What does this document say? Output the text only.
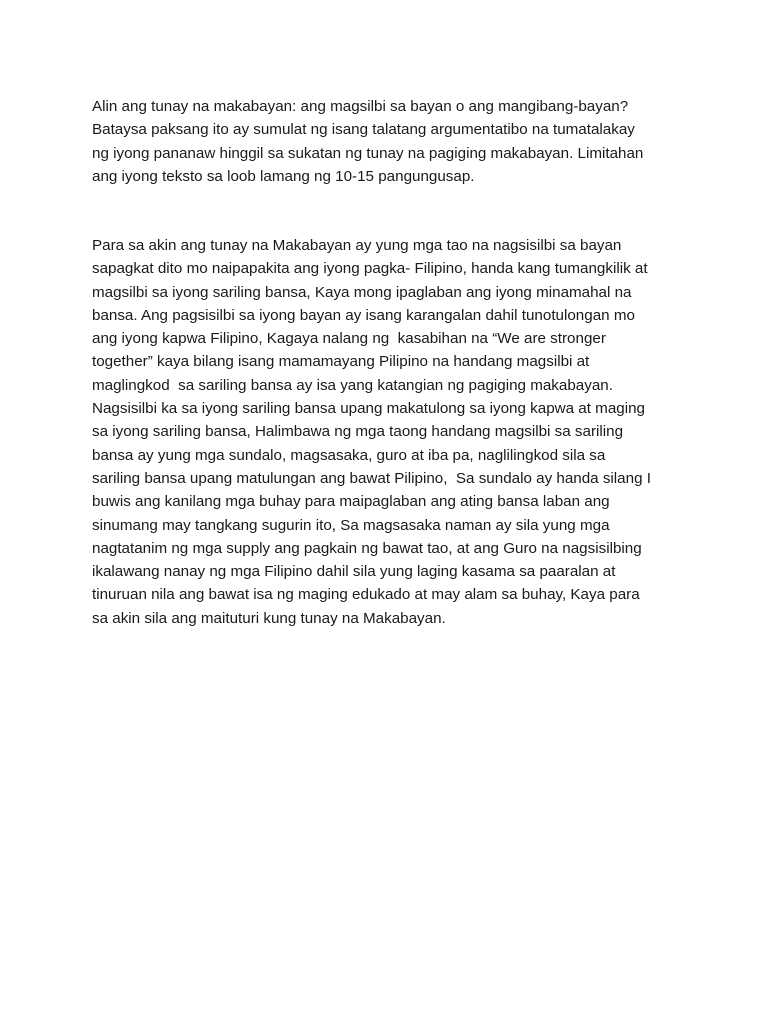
Alin ang tunay na makabayan: ang magsilbi sa bayan o ang mangibang-bayan?
Bataysa paksang ito ay sumulat ng isang talatang argumentatibo na tumatalakay
ng iyong pananaw hinggil sa sukatan ng tunay na pagiging makabayan. Limitahan
ang iyong teksto sa loob lamang ng 10-15 pangungusap.
Para sa akin ang tunay na Makabayan ay yung mga tao na nagsisilbi sa bayan
sapagkat dito mo naipapakita ang iyong pagka- Filipino, handa kang tumangkilik at
magsilbi sa iyong sariling bansa, Kaya mong ipaglaban ang iyong minamahal na
bansa. Ang pagsisilbi sa iyong bayan ay isang karangalan dahil tunotulongan mo
ang iyong kapwa Filipino, Kagaya nalang ng  kasabihan na “We are stronger
together” kaya bilang isang mamamayang Pilipino na handang magsilbi at
maglingkod  sa sariling bansa ay isa yang katangian ng pagiging makabayan.
Nagsisilbi ka sa iyong sariling bansa upang makatulong sa iyong kapwa at maging
sa iyong sariling bansa, Halimbawa ng mga taong handang magsilbi sa sariling
bansa ay yung mga sundalo, magsasaka, guro at iba pa, naglilingkod sila sa
sariling bansa upang matulungan ang bawat Pilipino,  Sa sundalo ay handa silang I
buwis ang kanilang mga buhay para maipaglaban ang ating bansa laban ang
sinumang may tangkang sugurin ito, Sa magsasaka naman ay sila yung mga
nagtatanim ng mga supply ang pagkain ng bawat tao, at ang Guro na nagsisilbing
ikalawang nanay ng mga Filipino dahil sila yung laging kasama sa paaralan at
tinuruan nila ang bawat isa ng maging edukado at may alam sa buhay, Kaya para
sa akin sila ang maituturi kung tunay na Makabayan.
